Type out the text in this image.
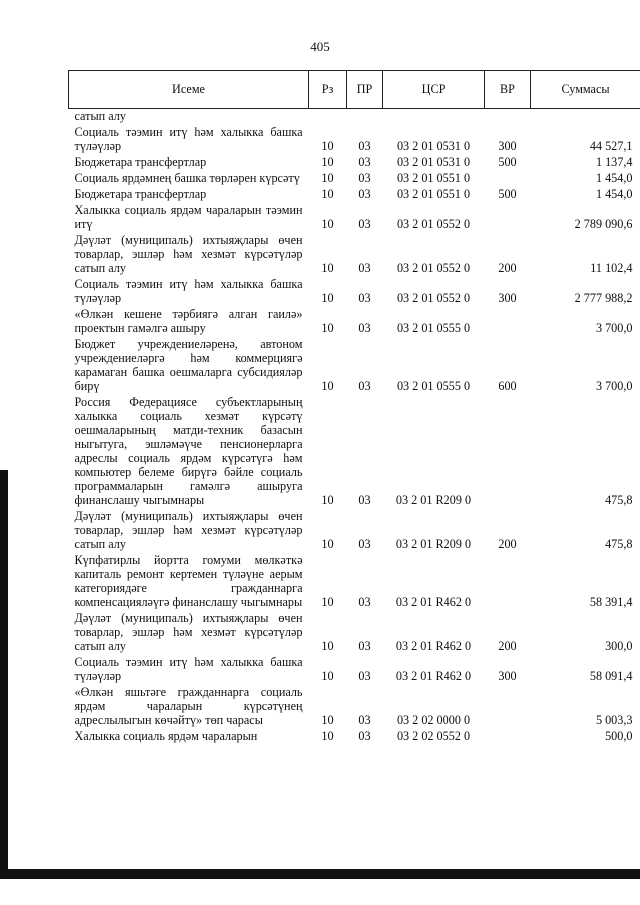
405
Исеме	Рз	ПР	ЦСР	ВР	Суммасы
сатып алу					
Социаль тәэмин итү һәм халыкка башка түләүләр	10	03	03 2 01 0531 0	300	44 527,1
Бюджетара трансфертлар	10	03	03 2 01 0531 0	500	1 137,4
Социаль ярдәмнең башка төрләрен күрсәтү	10	03	03 2 01 0551 0		1 454,0
Бюджетара трансфертлар	10	03	03 2 01 0551 0	500	1 454,0
Халыкка социаль ярдәм чараларын тәэмин итү	10	03	03 2 01 0552 0		2 789 090,6
Дәүләт (муниципаль) ихтыяҗлары өчен товарлар, эшләр һәм хезмәт күрсәтүләр сатып алу	10	03	03 2 01 0552 0	200	11 102,4
Социаль тәэмин итү һәм халыкка башка түләүләр	10	03	03 2 01 0552 0	300	2 777 988,2
«Өлкән кешене тәрбиягә алган гаилә» проектын гамәлгә ашыру	10	03	03 2 01 0555 0		3 700,0
Бюджет учреждениеләренә, автоном учреждениеләргә һәм коммерциягә карамаган башка оешмаларга субсидияләр бирү	10	03	03 2 01 0555 0	600	3 700,0
Россия Федерациясе субъектларының халыкка социаль хезмәт күрсәтү оешмаларының матди-техник базасын ныгытуга, эшләмәүче пенсионерларга адреслы социаль ярдәм күрсәтүгә һәм компьютер белеме бирүгә бәйле социаль программаларын гамәлгә ашыруга финанслашу чыгымнары	10	03	03 2 01 R209 0		475,8
Дәүләт (муниципаль) ихтыяҗлары өчен товарлар, эшләр һәм хезмәт күрсәтүләр сатып алу	10	03	03 2 01 R209 0	200	475,8
Күпфатирлы йортта гомуми мөлкәткә капиталь ремонт кертемен түләүне аерым категориядәге гражданнарга компенсацияләүгә финанслашу чыгымнары	10	03	03 2 01 R462 0		58 391,4
Дәүләт (муниципаль) ихтыяҗлары өчен товарлар, эшләр һәм хезмәт күрсәтүләр сатып алу	10	03	03 2 01 R462 0	200	300,0
Социаль тәэмин итү һәм халыкка башка түләүләр	10	03	03 2 01 R462 0	300	58 091,4
«Өлкән яшьтәге гражданнарга социаль ярдәм чараларын күрсәтүнең адреслылыгын көчәйтү» төп чарасы	10	03	03 2 02 0000 0		5 003,3
Халыкка социаль ярдәм чараларын	10	03	03 2 02 0552 0		500,0
